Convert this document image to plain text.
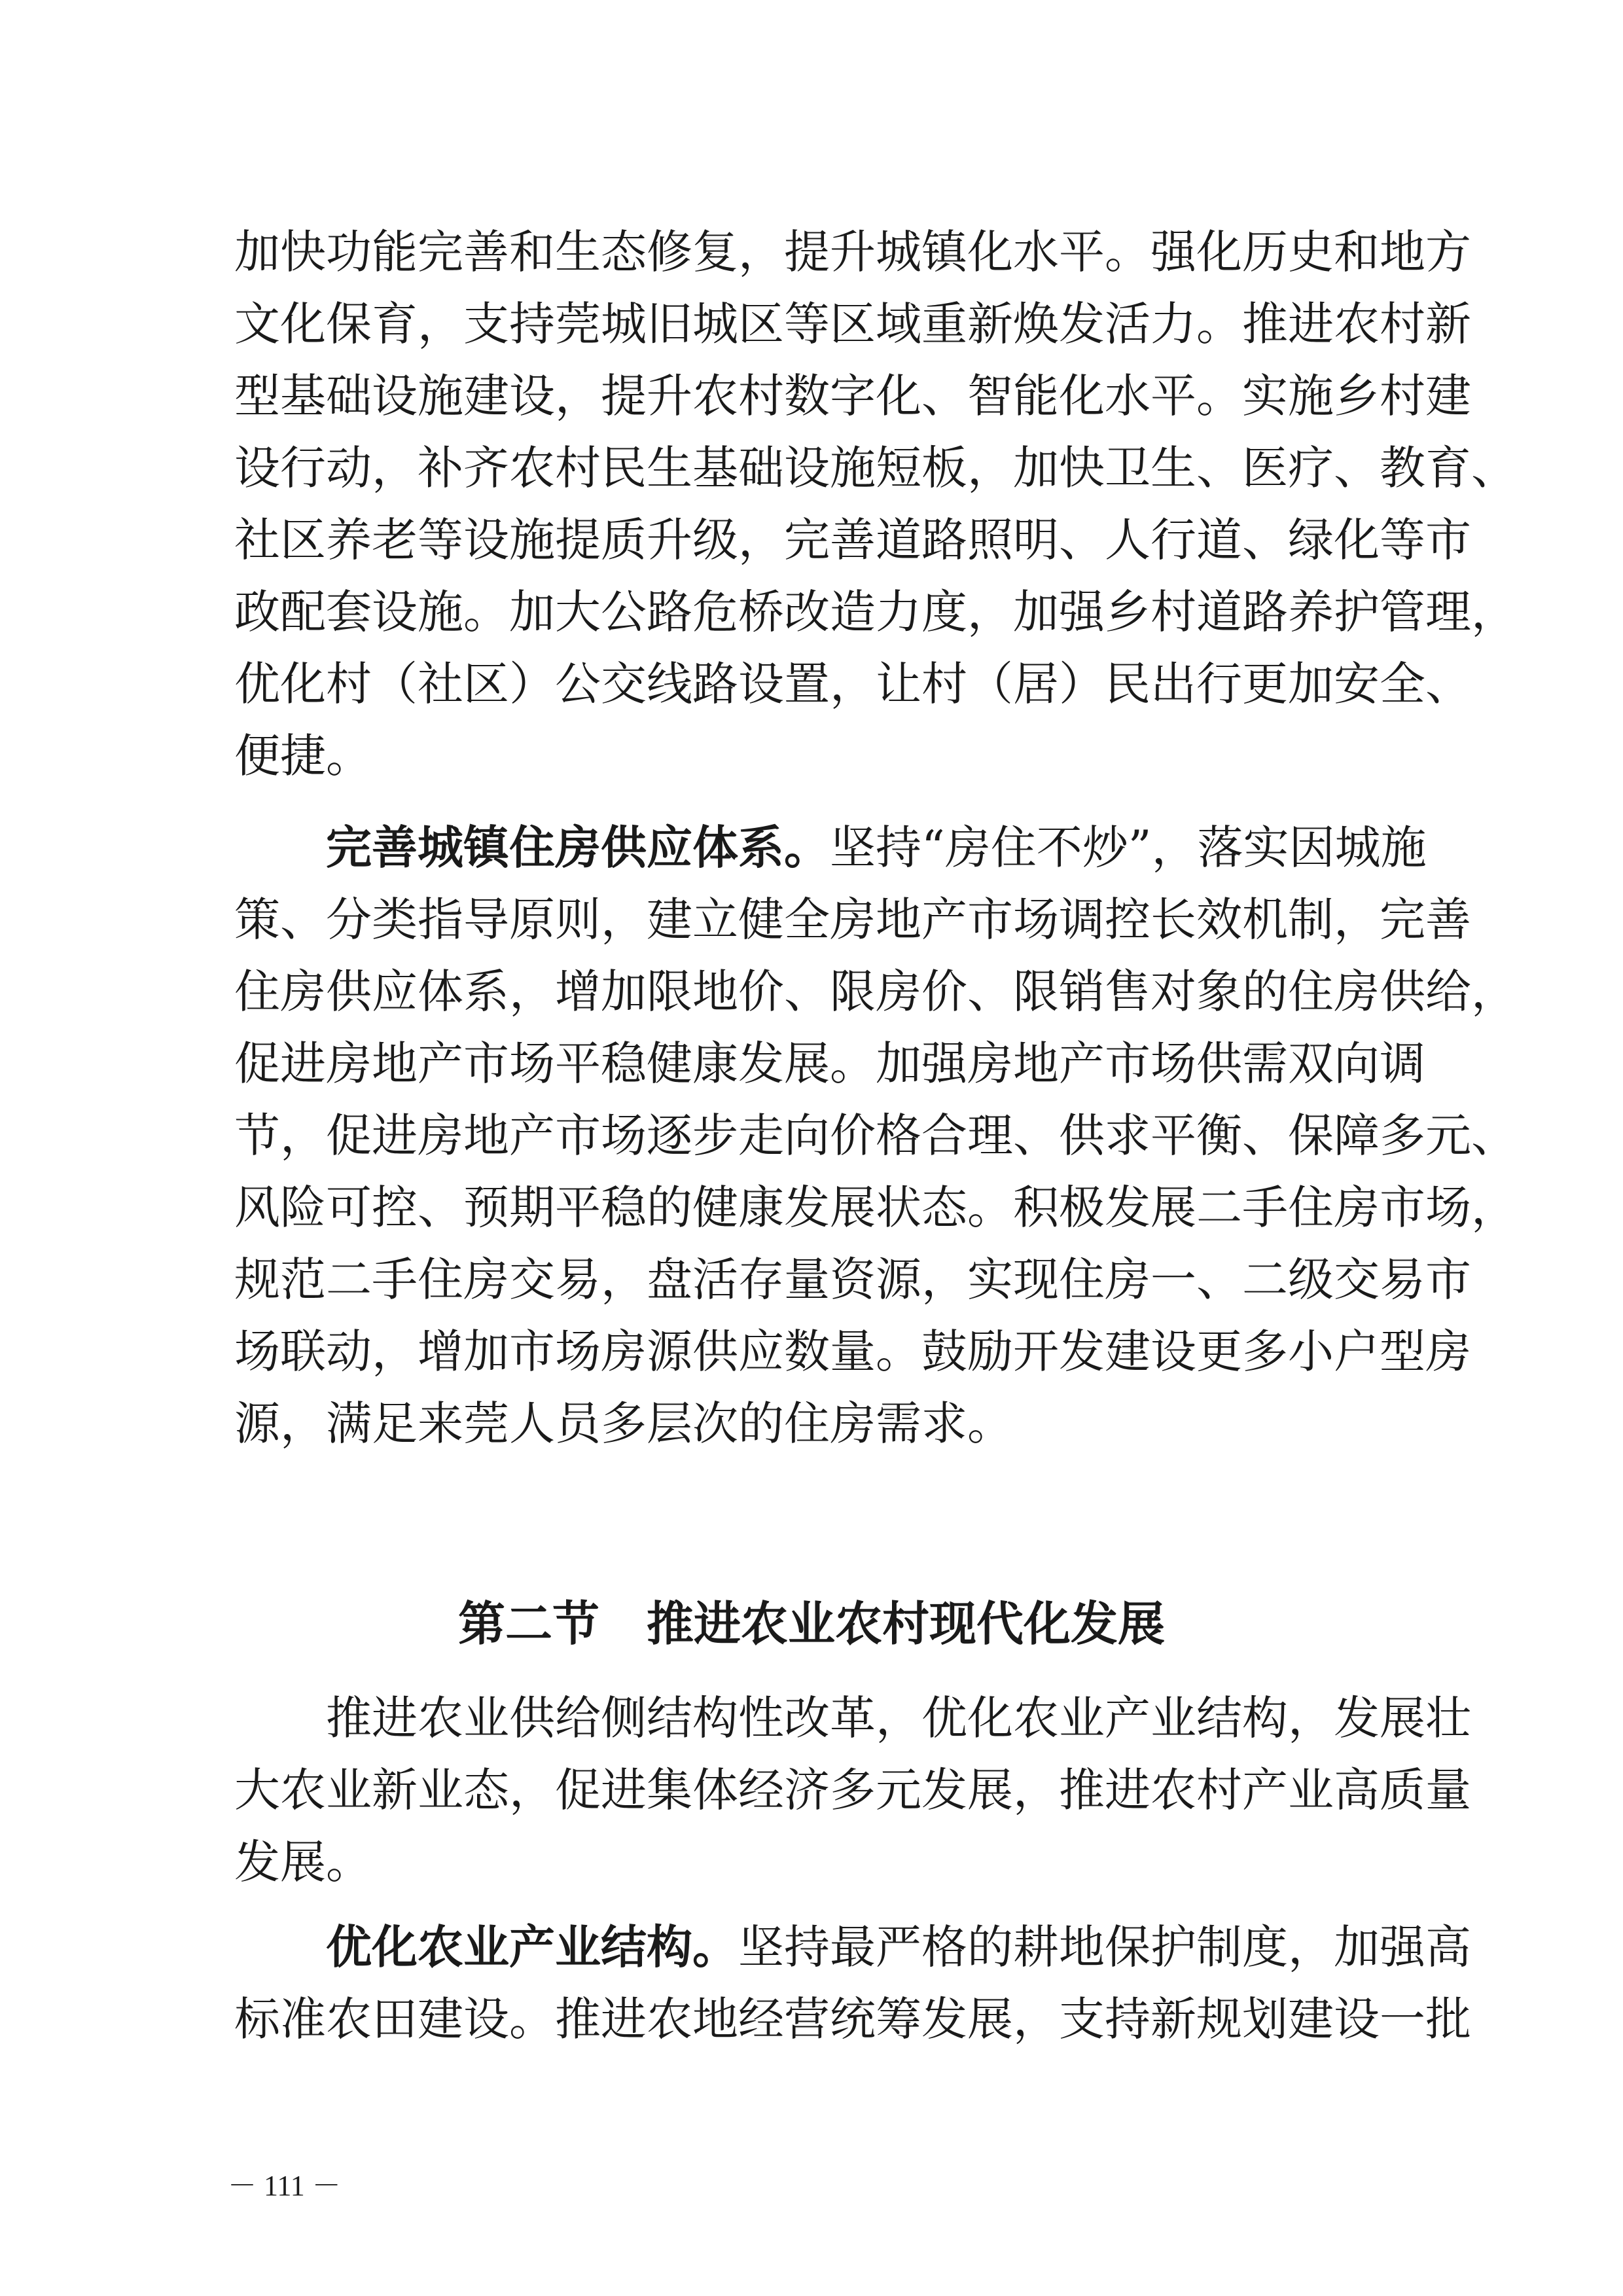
加快功能完善和生态修复，提升城镇化水平。强化历史和地方
文化保育，支持莞城旧城区等区域重新焕发活力。推进农村新
型基础设施建设，提升农村数字化、智能化水平。实施乡村建
设行动，补齐农村民生基础设施短板，加快卫生、医疗、教育、
社区养老等设施提质升级，完善道路照明、人行道、绿化等市
政配套设施。加大公路危桥改造力度，加强乡村道路养护管理，
优化村（社区）公交线路设置，让村（居）民出行更加安全、
便捷。
完善城镇住房供应体系。坚持“房住不炒”，落实因城施
策、分类指导原则，建立健全房地产市场调控长效机制，完善
住房供应体系，增加限地价、限房价、限销售对象的住房供给，
促进房地产市场平稳健康发展。加强房地产市场供需双向调
节，促进房地产市场逐步走向价格合理、供求平衡、保障多元、
风险可控、预期平稳的健康发展状态。积极发展二手住房市场，
规范二手住房交易，盘活存量资源，实现住房一、二级交易市
场联动，增加市场房源供应数量。鼓励开发建设更多小户型房
源，满足来莞人员多层次的住房需求。
第二节　推进农业农村现代化发展
推进农业供给侧结构性改革，优化农业产业结构，发展壮
大农业新业态，促进集体经济多元发展，推进农村产业高质量
发展。
优化农业产业结构。坚持最严格的耕地保护制度，加强高
标准农田建设。推进农地经营统筹发展，支持新规划建设一批
－ 111 －
